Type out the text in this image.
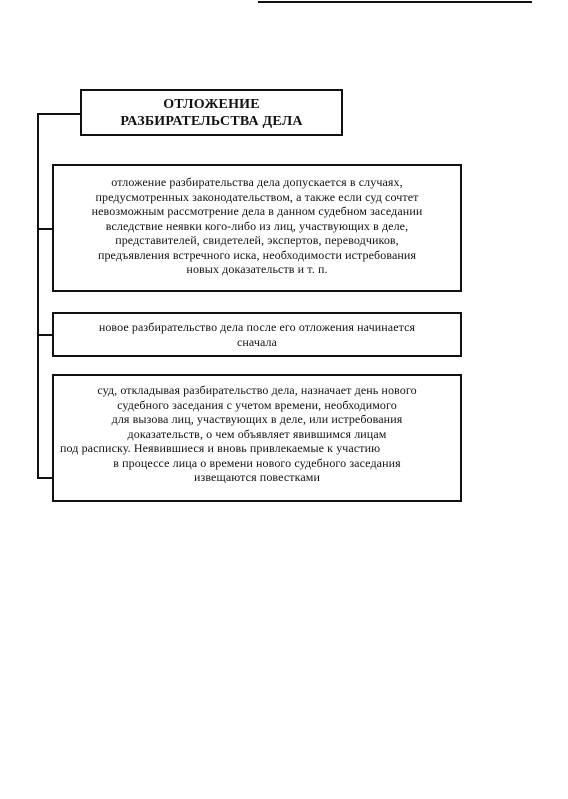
ОТЛОЖЕНИЕ
РАЗБИРАТЕЛЬСТВА ДЕЛА
отложение разбирательства дела допускается в случаях,
предусмотренных законодательством, а также если суд сочтет
невозможным рассмотрение дела в данном судебном заседании
вследствие неявки кого-либо из лиц, участвующих в деле,
представителей, свидетелей, экспертов, переводчиков,
предъявления встречного иска, необходимости истребования
новых доказательств и т. п.
новое разбирательство дела после его отложения начинается
сначала
суд, откладывая разбирательство дела, назначает день нового
судебного заседания с учетом времени, необходимого
для вызова лиц, участвующих в деле, или истребования
доказательств, о чем объявляет явившимся лицам
под расписку. Неявившиеся и вновь привлекаемые к участию
в процессе лица о времени нового судебного заседания
извещаются повестками
